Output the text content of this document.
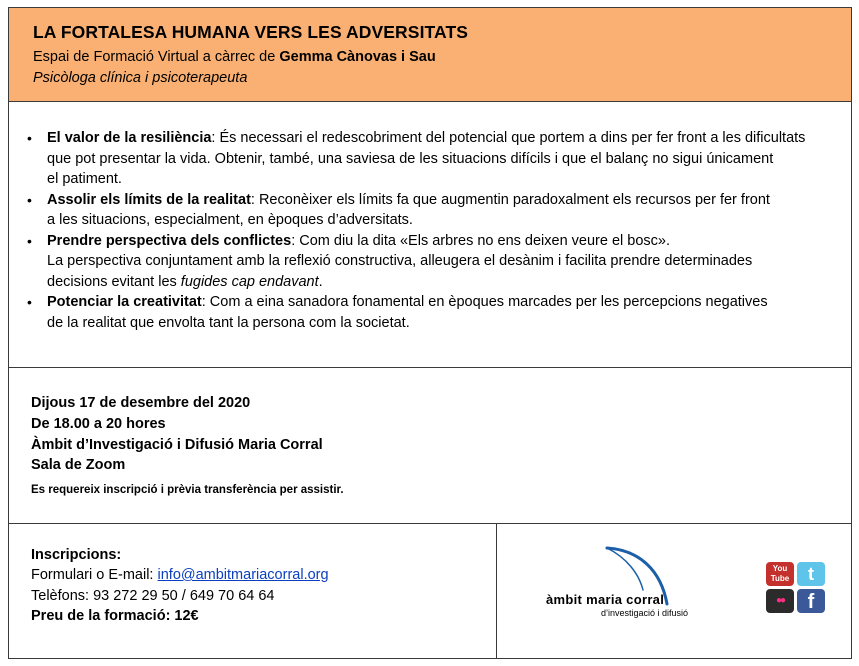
LA FORTALESA HUMANA VERS LES ADVERSITATS
Espai de Formació Virtual a càrrec de Gemma Cànovas i Sau
Psicòloga clínica i psicoterapeuta
• El valor de la resiliència: És necessari el redescobriment del potencial que portem a dins per fer front a les dificultats
que pot presentar la vida. Obtenir, també, una saviesa de les situacions difícils i que el balanç no sigui únicament
el patiment.
• Assolir els límits de la realitat: Reconèixer els límits fa que augmentin paradoxalment els recursos per fer front
a les situacions, especialment, en èpoques d’adversitats.
• Prendre perspectiva dels conflictes: Com diu la dita «Els arbres no ens deixen veure el bosc».
La perspectiva conjuntament amb la reflexió constructiva, alleugera el desànim i facilita prendre determinades
decisions evitant les fugides cap endavant.
• Potenciar la creativitat: Com a eina sanadora fonamental en èpoques marcades per les percepcions negatives
de la realitat que envolta tant la persona com la societat.
Dijous 17 de desembre del 2020
De 18.00 a 20 hores
Àmbit d’Investigació i Difusió Maria Corral
Sala de Zoom
Es requereix inscripció i prèvia transferència per assistir.
Inscripcions:
Formulari o E-mail: info@ambitmariacorral.org
Telèfons: 93 272 29 50 / 649 70 64 64
Preu de la formació: 12€
àmbit maria corral
d’investigació i difusió
You
Tube	t
●●	f
